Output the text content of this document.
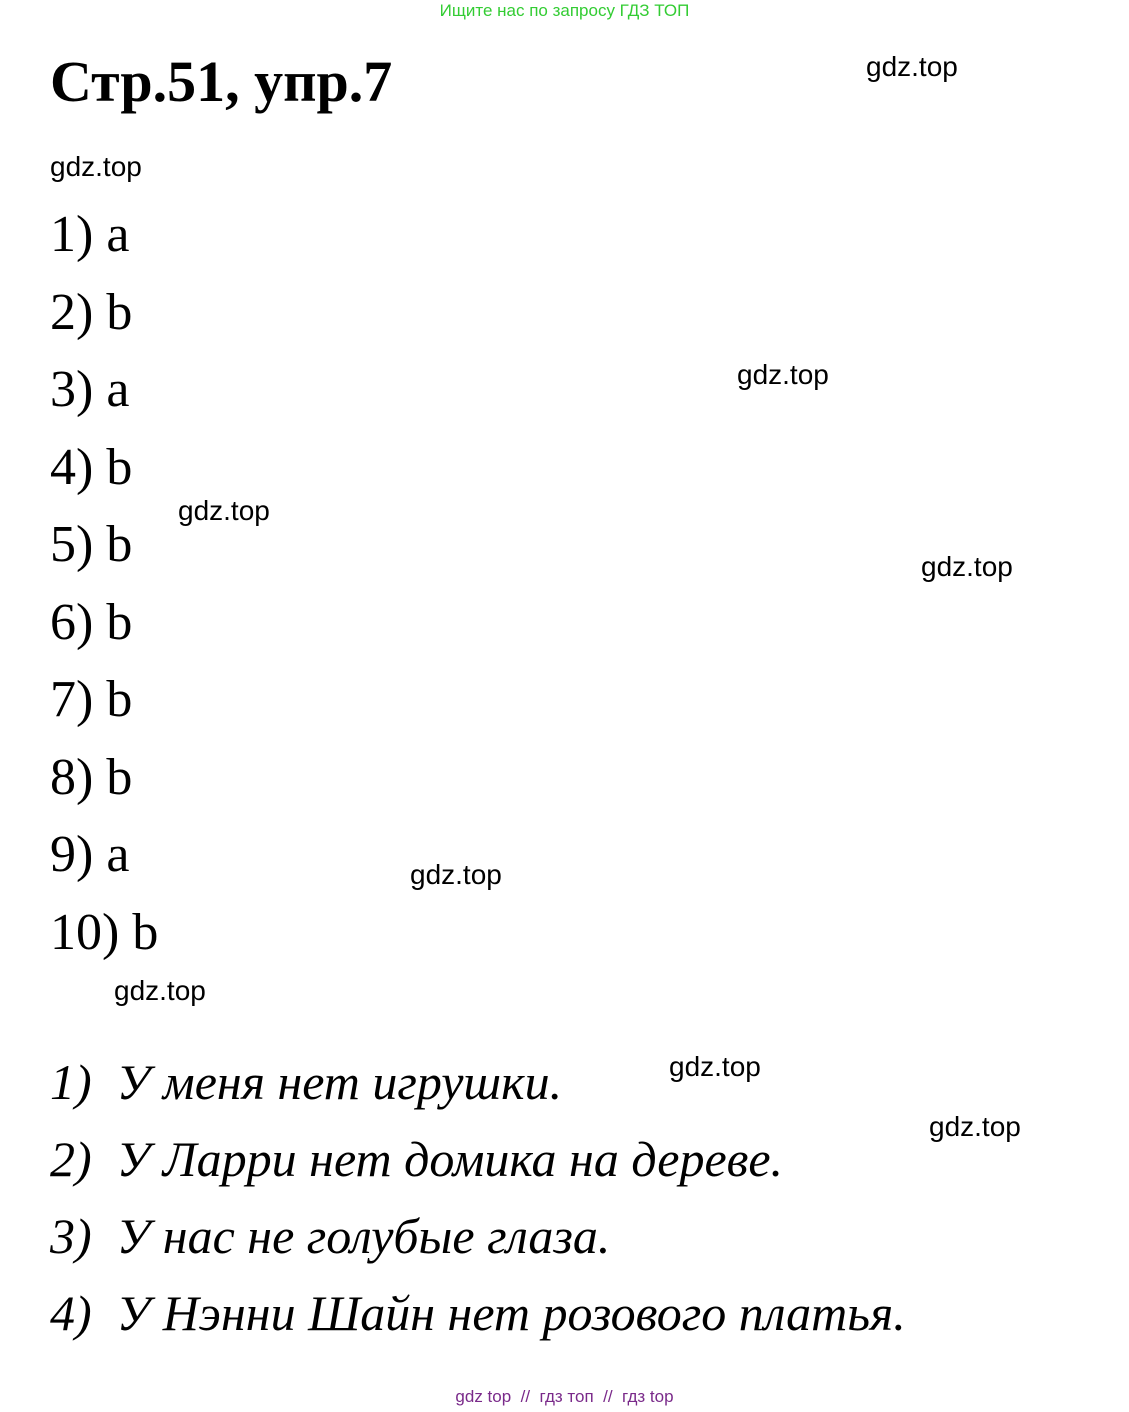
Ищите нас по запросу ГДЗ ТОП
Стр.51, упр.7	gdz.top
gdz.top
gdz.top
gdz.top
gdz.top
gdz.top
gdz.top
gdz.top
gdz.top
1) a
2) b
3) a
4) b
5) b
6) b
7) b
8) b
9) a
10) b
1) У меня нет игрушки.
2) У Ларри нет домика на дереве.
3) У нас не голубые глаза.
4) У Нэнни Шайн нет розового платья.
gdz top // гдз топ // гдз top
